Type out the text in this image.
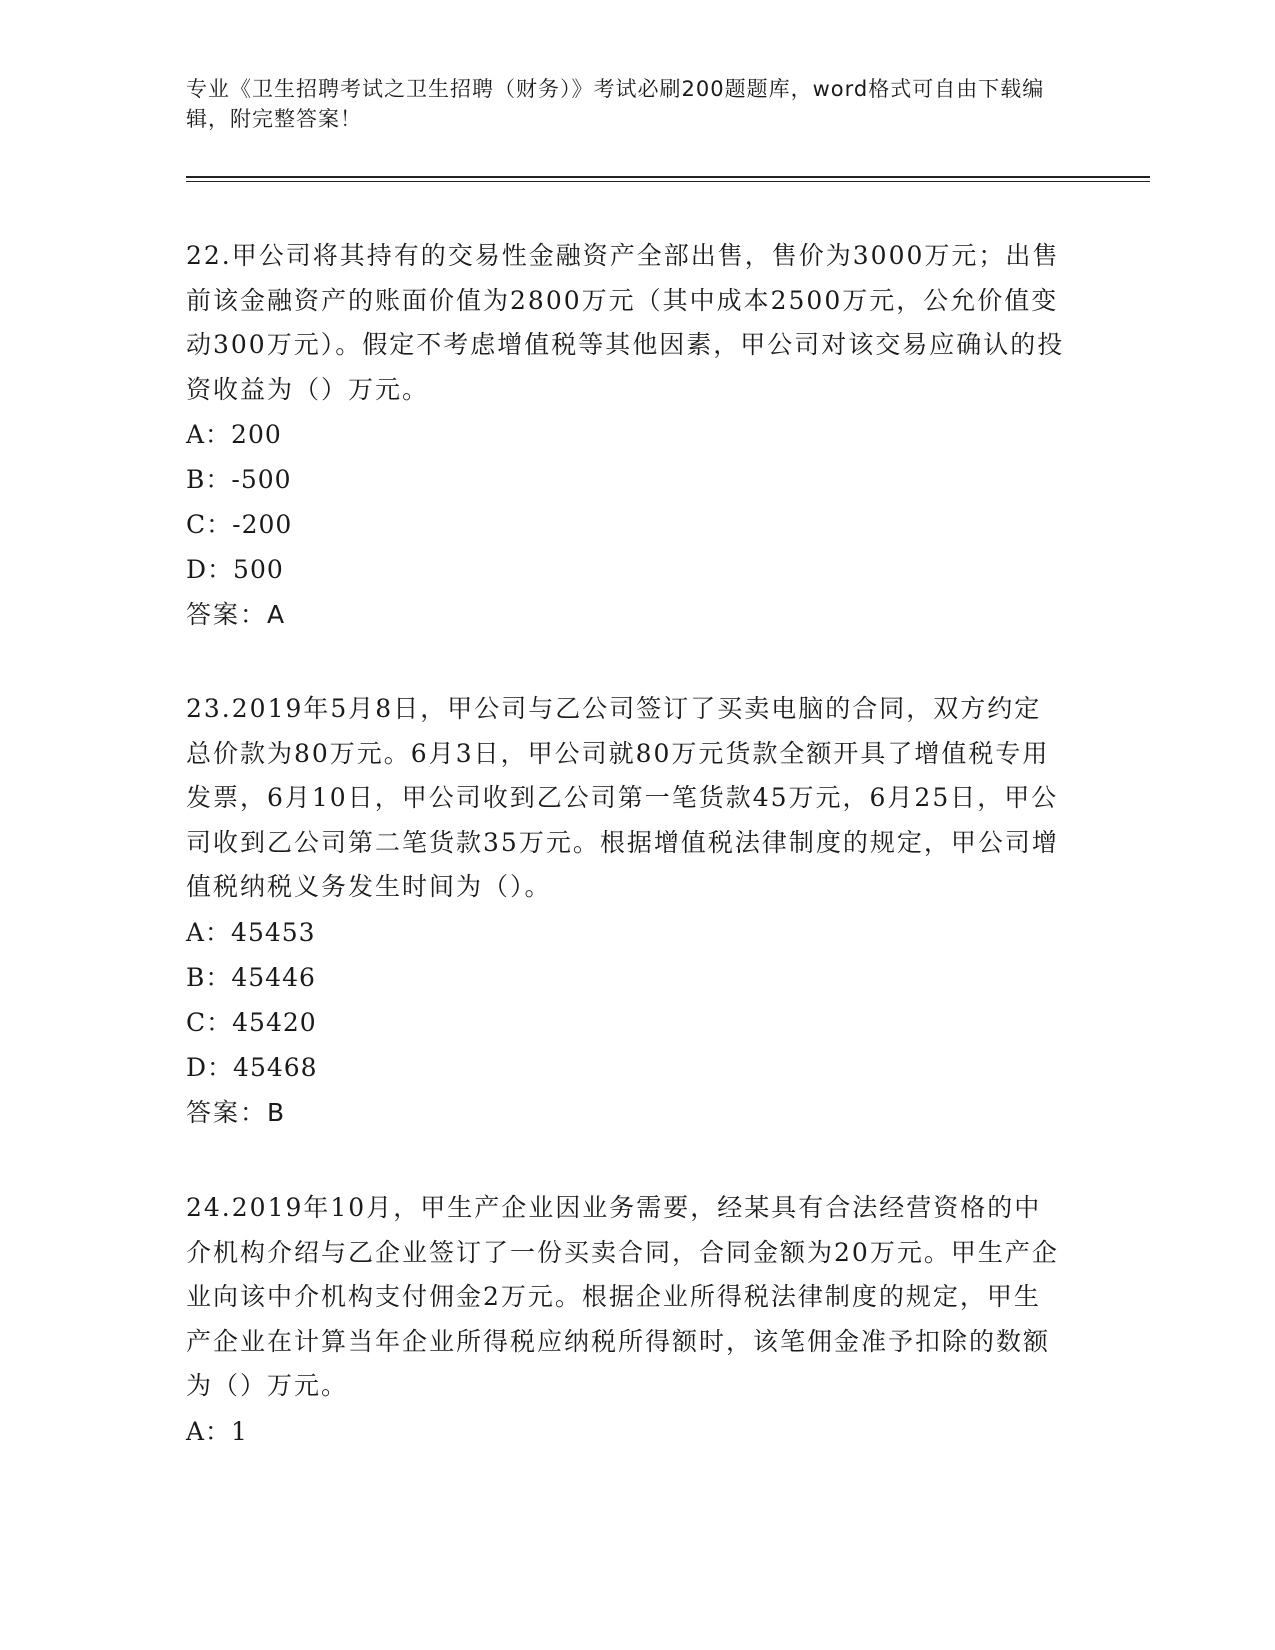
专业《卫生招聘考试之卫生招聘（财务）》考试必刷200题题库，word格式可自由下载编辑，附完整答案！

22.甲公司将其持有的交易性金融资产全部出售，售价为3000万元；出售前该金融资产的账面价值为2800万元（其中成本2500万元，公允价值变动300万元）。假定不考虑增值税等其他因素，甲公司对该交易应确认的投资收益为（）万元。

A：200

B：-500

C：-200

D：500

答案：A

23.2019年5月8日，甲公司与乙公司签订了买卖电脑的合同，双方约定总价款为80万元。6月3日，甲公司就80万元货款全额开具了增值税专用发票，6月10日，甲公司收到乙公司第一笔货款45万元，6月25日，甲公司收到乙公司第二笔货款35万元。根据增值税法律制度的规定，甲公司增值税纳税义务发生时间为（）。

A：45453

B：45446

C：45420

D：45468

答案：B

24.2019年10月，甲生产企业因业务需要，经某具有合法经营资格的中介机构介绍与乙企业签订了一份买卖合同，合同金额为20万元。甲生产企业向该中介机构支付佣金2万元。根据企业所得税法律制度的规定，甲生产企业在计算当年企业所得税应纳税所得额时，该笔佣金准予扣除的数额为（）万元。

A：1
